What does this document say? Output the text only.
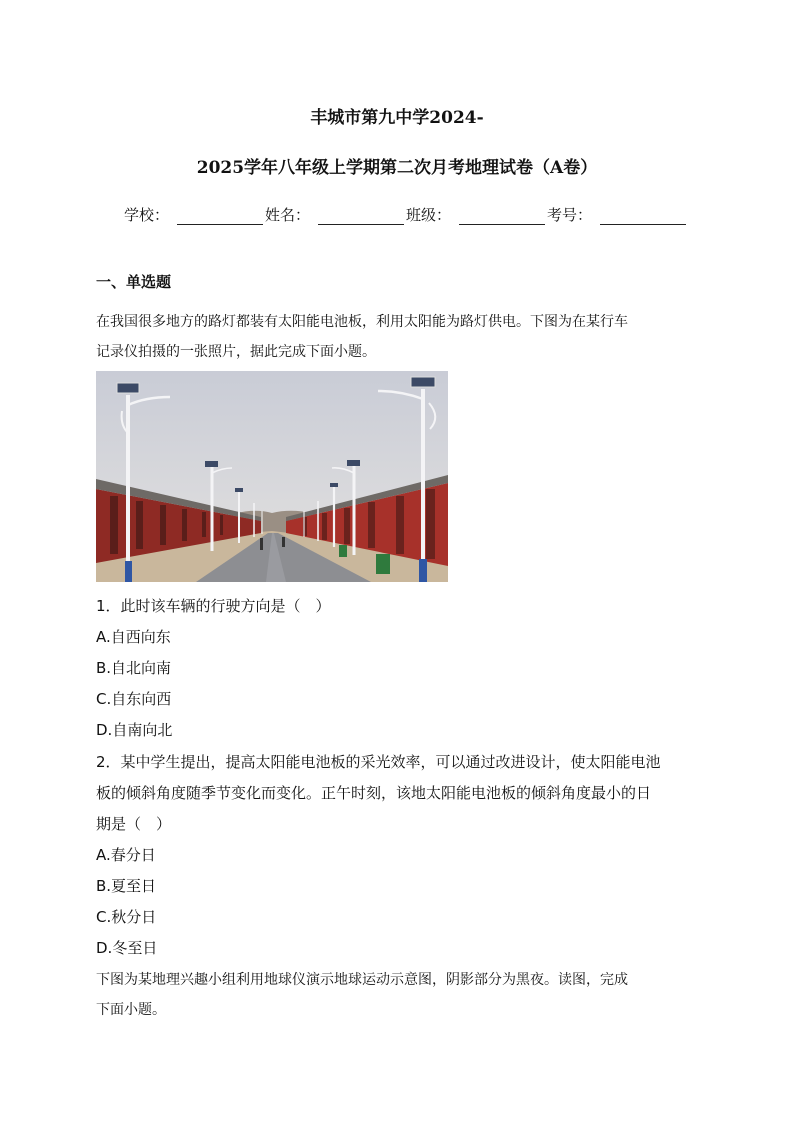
丰城市第九中学2024-
2025学年八年级上学期第二次月考地理试卷（A卷）
学校：	姓名：	班级：	考号：
一、单选题
在我国很多地方的路灯都装有太阳能电池板，利用太阳能为路灯供电。下图为在某行车
记录仪拍摄的一张照片，据此完成下面小题。
1．此时该车辆的行驶方向是（　）
A.自西向东
B.自北向南
C.自东向西
D.自南向北
2．某中学生提出，提高太阳能电池板的采光效率，可以通过改进设计，使太阳能电池
板的倾斜角度随季节变化而变化。正午时刻，该地太阳能电池板的倾斜角度最小的日
期是（　）
A.春分日
B.夏至日
C.秋分日
D.冬至日
下图为某地理兴趣小组利用地球仪演示地球运动示意图，阴影部分为黑夜。读图，完成
下面小题。
